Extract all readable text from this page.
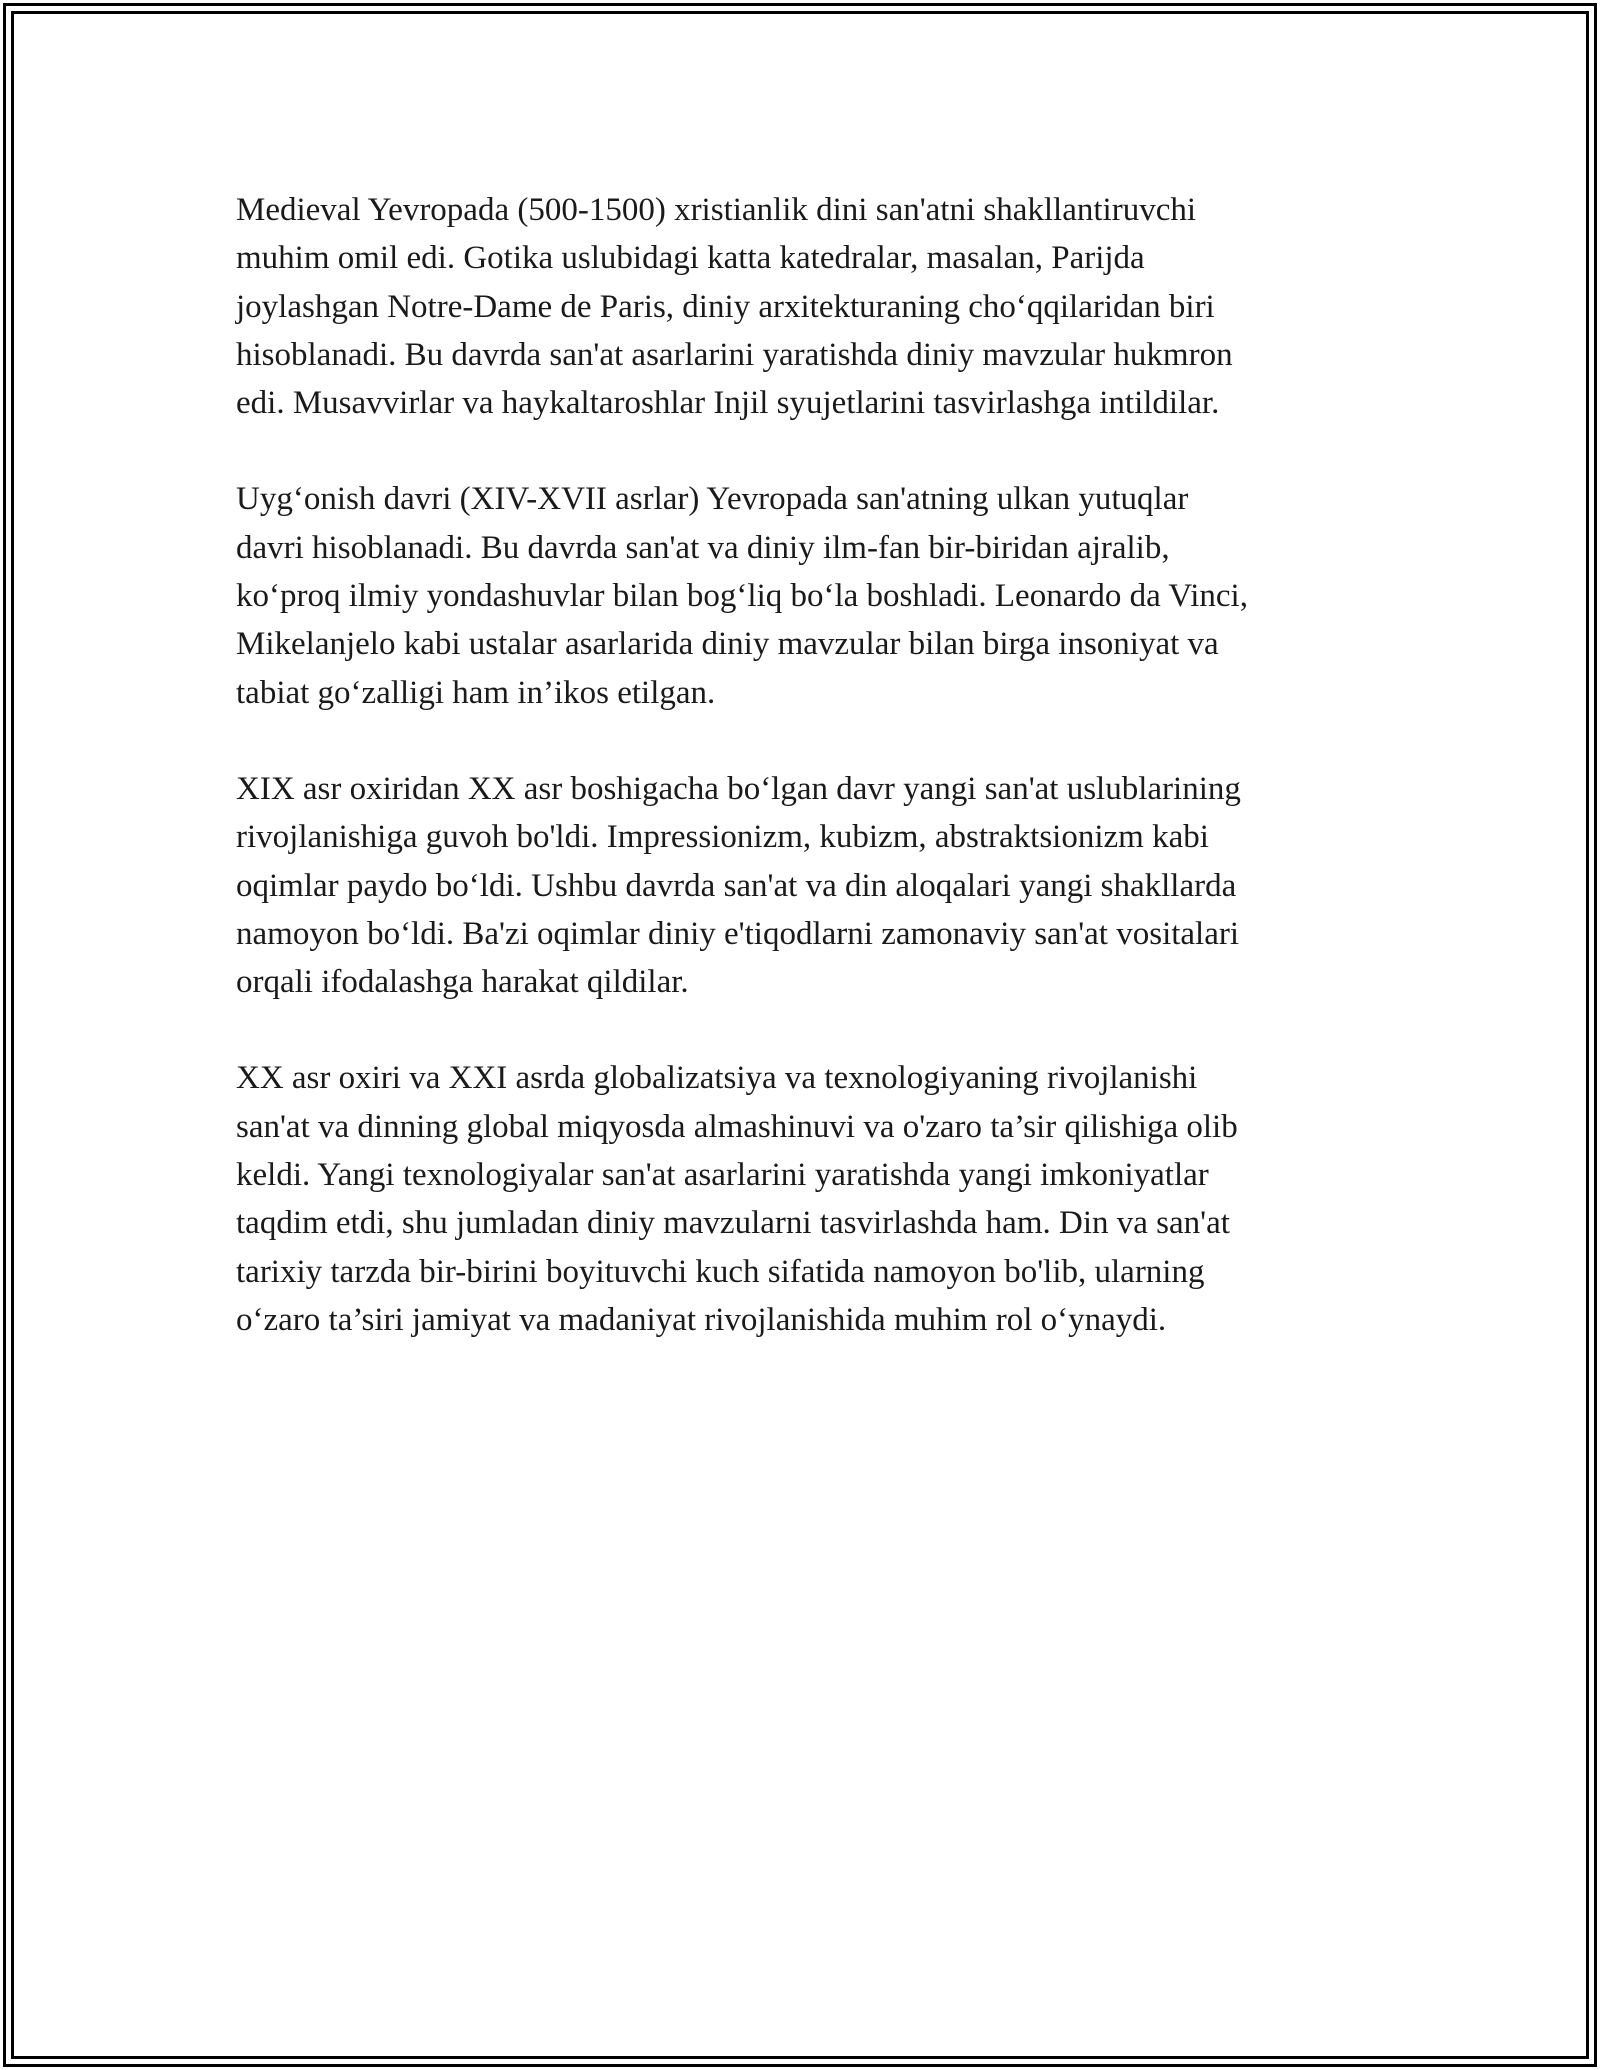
Medieval Yevropada (500-1500) xristianlik dini san'atni shakllantiruvchi
muhim omil edi. Gotika uslubidagi katta katedralar, masalan, Parijda
joylashgan Notre-Dame de Paris, diniy arxitekturaning cho‘qqilaridan biri
hisoblanadi. Bu davrda san'at asarlarini yaratishda diniy mavzular hukmron
edi. Musavvirlar va haykaltaroshlar Injil syujetlarini tasvirlashga intildilar.

Uyg‘onish davri (XIV-XVII asrlar) Yevropada san'atning ulkan yutuqlar
davri hisoblanadi. Bu davrda san'at va diniy ilm-fan bir-biridan ajralib,
ko‘proq ilmiy yondashuvlar bilan bog‘liq bo‘la boshladi. Leonardo da Vinci,
Mikelanjelo kabi ustalar asarlarida diniy mavzular bilan birga insoniyat va
tabiat go‘zalligi ham in’ikos etilgan.

XIX asr oxiridan XX asr boshigacha bo‘lgan davr yangi san'at uslublarining
rivojlanishiga guvoh bo'ldi. Impressionizm, kubizm, abstraktsionizm kabi
oqimlar paydo bo‘ldi. Ushbu davrda san'at va din aloqalari yangi shakllarda
namoyon bo‘ldi. Ba'zi oqimlar diniy e'tiqodlarni zamonaviy san'at vositalari
orqali ifodalashga harakat qildilar.

XX asr oxiri va XXI asrda globalizatsiya va texnologiyaning rivojlanishi
san'at va dinning global miqyosda almashinuvi va o'zaro ta’sir qilishiga olib
keldi. Yangi texnologiyalar san'at asarlarini yaratishda yangi imkoniyatlar
taqdim etdi, shu jumladan diniy mavzularni tasvirlashda ham. Din va san'at
tarixiy tarzda bir-birini boyituvchi kuch sifatida namoyon bo'lib, ularning
o‘zaro ta’siri jamiyat va madaniyat rivojlanishida muhim rol o‘ynaydi.
